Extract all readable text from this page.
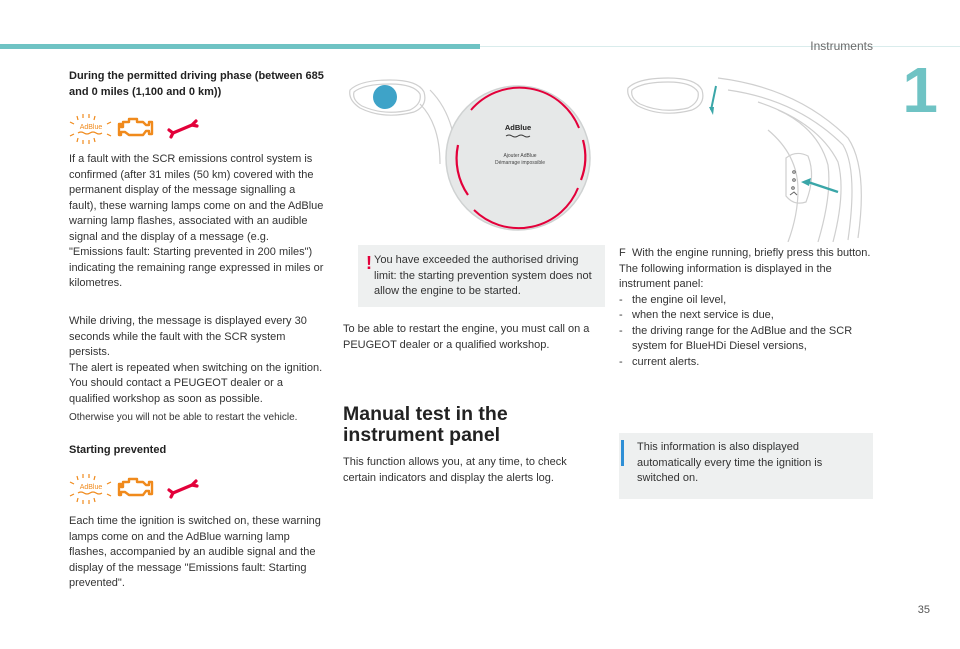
Instruments
1
35
During the permitted driving phase (between 685 and 0 miles (1,100 and 0 km))
AdBlue
If a fault with the SCR emissions control system is confirmed (after 31 miles (50 km) covered with the permanent display of the message signalling a fault), these warning lamps come on and the AdBlue warning lamp flashes, associated with an audible signal and the display of a message (e.g. "Emissions fault: Starting prevented in 200 miles") indicating the remaining range expressed in miles or kilometres.

While driving, the message is displayed every 30 seconds while the fault with the SCR system persists.

The alert is repeated when switching on the ignition.

You should contact a PEUGEOT dealer or a qualified workshop as soon as possible.

Otherwise you will not be able to restart the vehicle.
Starting prevented
AdBlue
Each time the ignition is switched on, these warning lamps come on and the AdBlue warning lamp flashes, accompanied by an audible signal and the display of the message "Emissions fault: Starting prevented".
AdBlue
Ajouter AdBlue
Démarrage impossible
! You have exceeded the authorised driving limit: the starting prevention system does not allow the engine to be started.
To be able to restart the engine, you must call on a PEUGEOT dealer or a qualified workshop.
Manual test in the
instrument panel
This function allows you, at any time, to check certain indicators and display the alerts log.
F With the engine running, briefly press this button.

The following information is displayed in the instrument panel:

- the engine oil level,
- when the next service is due,
- the driving range for the AdBlue and the SCR system for BlueHDi Diesel versions,
- current alerts.
This information is also displayed automatically every time the ignition is switched on.
